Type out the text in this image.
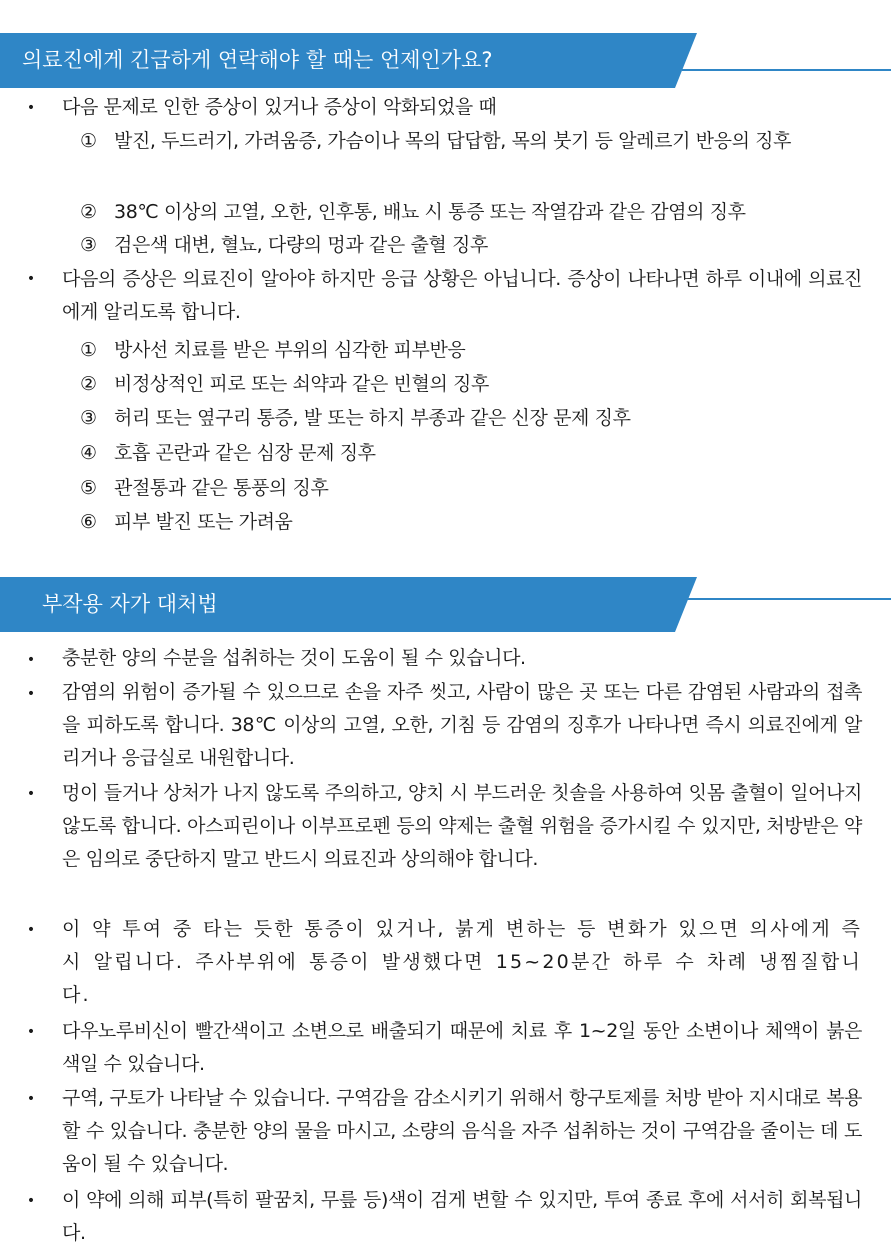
의료진에게 긴급하게 연락해야 할 때는 언제인가요?
• 다음 문제로 인한 증상이 있거나 증상이 악화되었을 때
① 발진, 두드러기, 가려움증, 가슴이나 목의 답답함, 목의 붓기 등 알레르기 반응의 징후
② 38℃ 이상의 고열, 오한, 인후통, 배뇨 시 통증 또는 작열감과 같은 감염의 징후
③ 검은색 대변, 혈뇨, 다량의 멍과 같은 출혈 징후
• 다음의 증상은 의료진이 알아야 하지만 응급 상황은 아닙니다. 증상이 나타나면 하루 이내에 의료진에게 알리도록 합니다.
① 방사선 치료를 받은 부위의 심각한 피부반응
② 비정상적인 피로 또는 쇠약과 같은 빈혈의 징후
③ 허리 또는 옆구리 통증, 발 또는 하지 부종과 같은 신장 문제 징후
④ 호흡 곤란과 같은 심장 문제 징후
⑤ 관절통과 같은 통풍의 징후
⑥ 피부 발진 또는 가려움
부작용 자가 대처법
• 충분한 양의 수분을 섭취하는 것이 도움이 될 수 있습니다.
• 감염의 위험이 증가될 수 있으므로 손을 자주 씻고, 사람이 많은 곳 또는 다른 감염된 사람과의 접촉을 피하도록 합니다. 38℃ 이상의 고열, 오한, 기침 등 감염의 징후가 나타나면 즉시 의료진에게 알리거나 응급실로 내원합니다.
• 멍이 들거나 상처가 나지 않도록 주의하고, 양치 시 부드러운 칫솔을 사용하여 잇몸 출혈이 일어나지 않도록 합니다. 아스피린이나 이부프로펜 등의 약제는 출혈 위험을 증가시킬 수 있지만, 처방받은 약은 임의로 중단하지 말고 반드시 의료진과 상의해야 합니다.
• 이 약 투여 중 타는 듯한 통증이 있거나, 붉게 변하는 등 변화가 있으면 의사에게 즉시 알립니다. 주사부위에 통증이 발생했다면 15~20분간 하루 수 차례 냉찜질합니다.
• 다우노루비신이 빨간색이고 소변으로 배출되기 때문에 치료 후 1~2일 동안 소변이나 체액이 붉은색일 수 있습니다.
• 구역, 구토가 나타날 수 있습니다. 구역감을 감소시키기 위해서 항구토제를 처방 받아 지시대로 복용할 수 있습니다. 충분한 양의 물을 마시고, 소량의 음식을 자주 섭취하는 것이 구역감을 줄이는 데 도움이 될 수 있습니다.
• 이 약에 의해 피부(특히 팔꿈치, 무릎 등)색이 검게 변할 수 있지만, 투여 종료 후에 서서히 회복됩니다.
